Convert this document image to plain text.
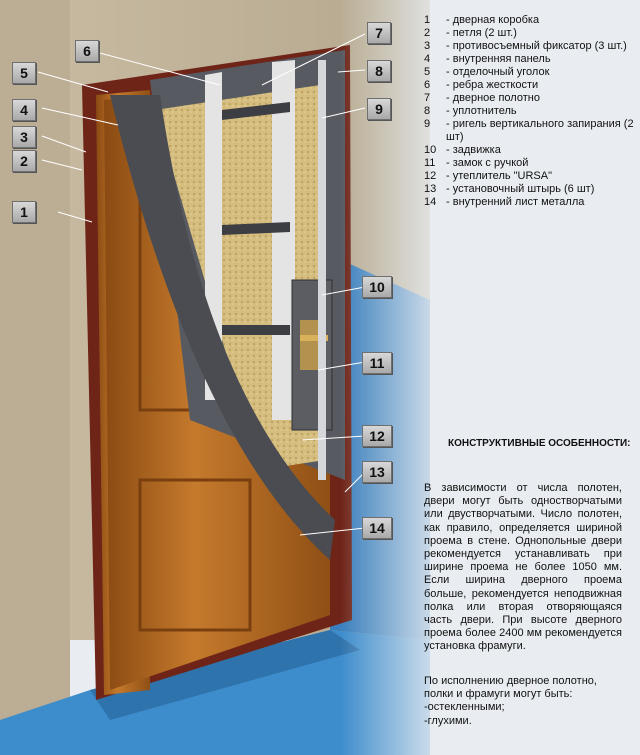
1
2
3
4
5
6
7
8
9
10
11
12
13
14
1	- дверная коробка
2	- петля (2 шт.)
3	- противосъемный фиксатор (3 шт.)
4	- внутренняя панель
5	- отделочный уголок
6	- ребра жесткости
7	- дверное полотно
8	- уплотнитель
9	- ригель вертикального запирания (2 шт)
10 - задвижка
11 - замок с ручкой
12 - утеплитель "URSA"
13 - установочный штырь (6 шт)
14 - внутренний лист металла
КОНСТРУКТИВНЫЕ ОСОБЕННОСТИ:

В зависимости от числа полотен, двери могут быть одностворчатыми или двустворчатыми. Число полотен, как правило, определяется шириной проема в стене. Однопольные двери рекомендуется устанавливать при ширине проема не более 1050 мм. Если ширина дверного проема больше, рекомендуется неподвижная полка или вторая отворяющаяся часть двери. При высоте дверного проема более 2400 мм рекомендуется установка фрамуги.

По исполнению дверное полотно, полки и фрамуги могут быть:
-остекленными;
-глухими.
